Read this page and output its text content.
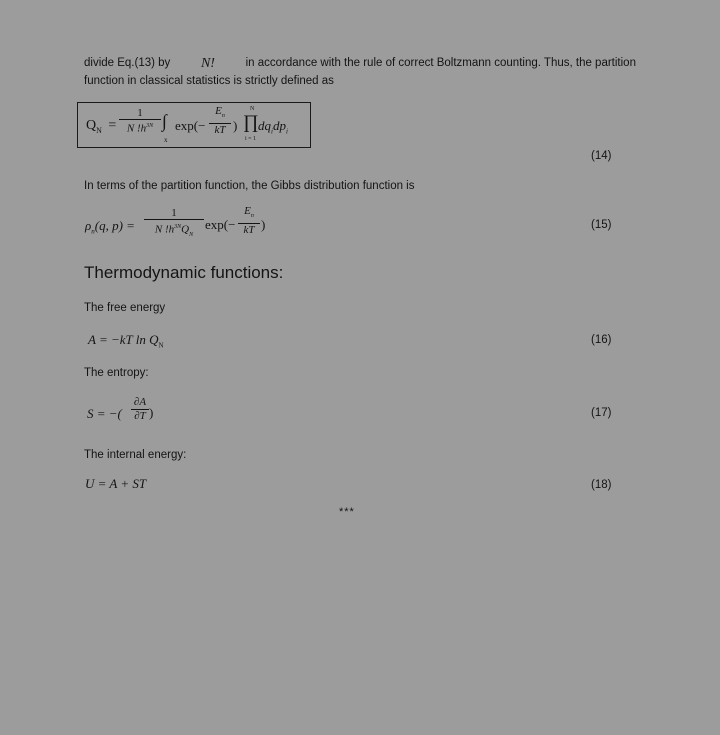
divide Eq.(13) by N!	in accordance with the rule of correct Boltzmann counting. Thus, the partition
function in classical statistics is strictly defined as
$Q_N = \frac{1}{N !h^{3N}}$ ∫
x
$\exp(- \frac{E_n}{kT}$ )
N
∏
i = 1
$dq_idp_i$
(14)
In terms of the partition function, the Gibbs distribution function is
$\rho_n(q$, p) =
1
N $!h^{3N}Q_N$
$\exp(- \frac{E_n}{kT}$ )	(15)
Thermodynamic functions:
The free energy
A = −kT $\ln Q_N$	(16)
The entropy:
S = −( $\frac{\partial A}{\partial T}$ )	(17)
The internal energy:
U = A + ST	(18)
***
